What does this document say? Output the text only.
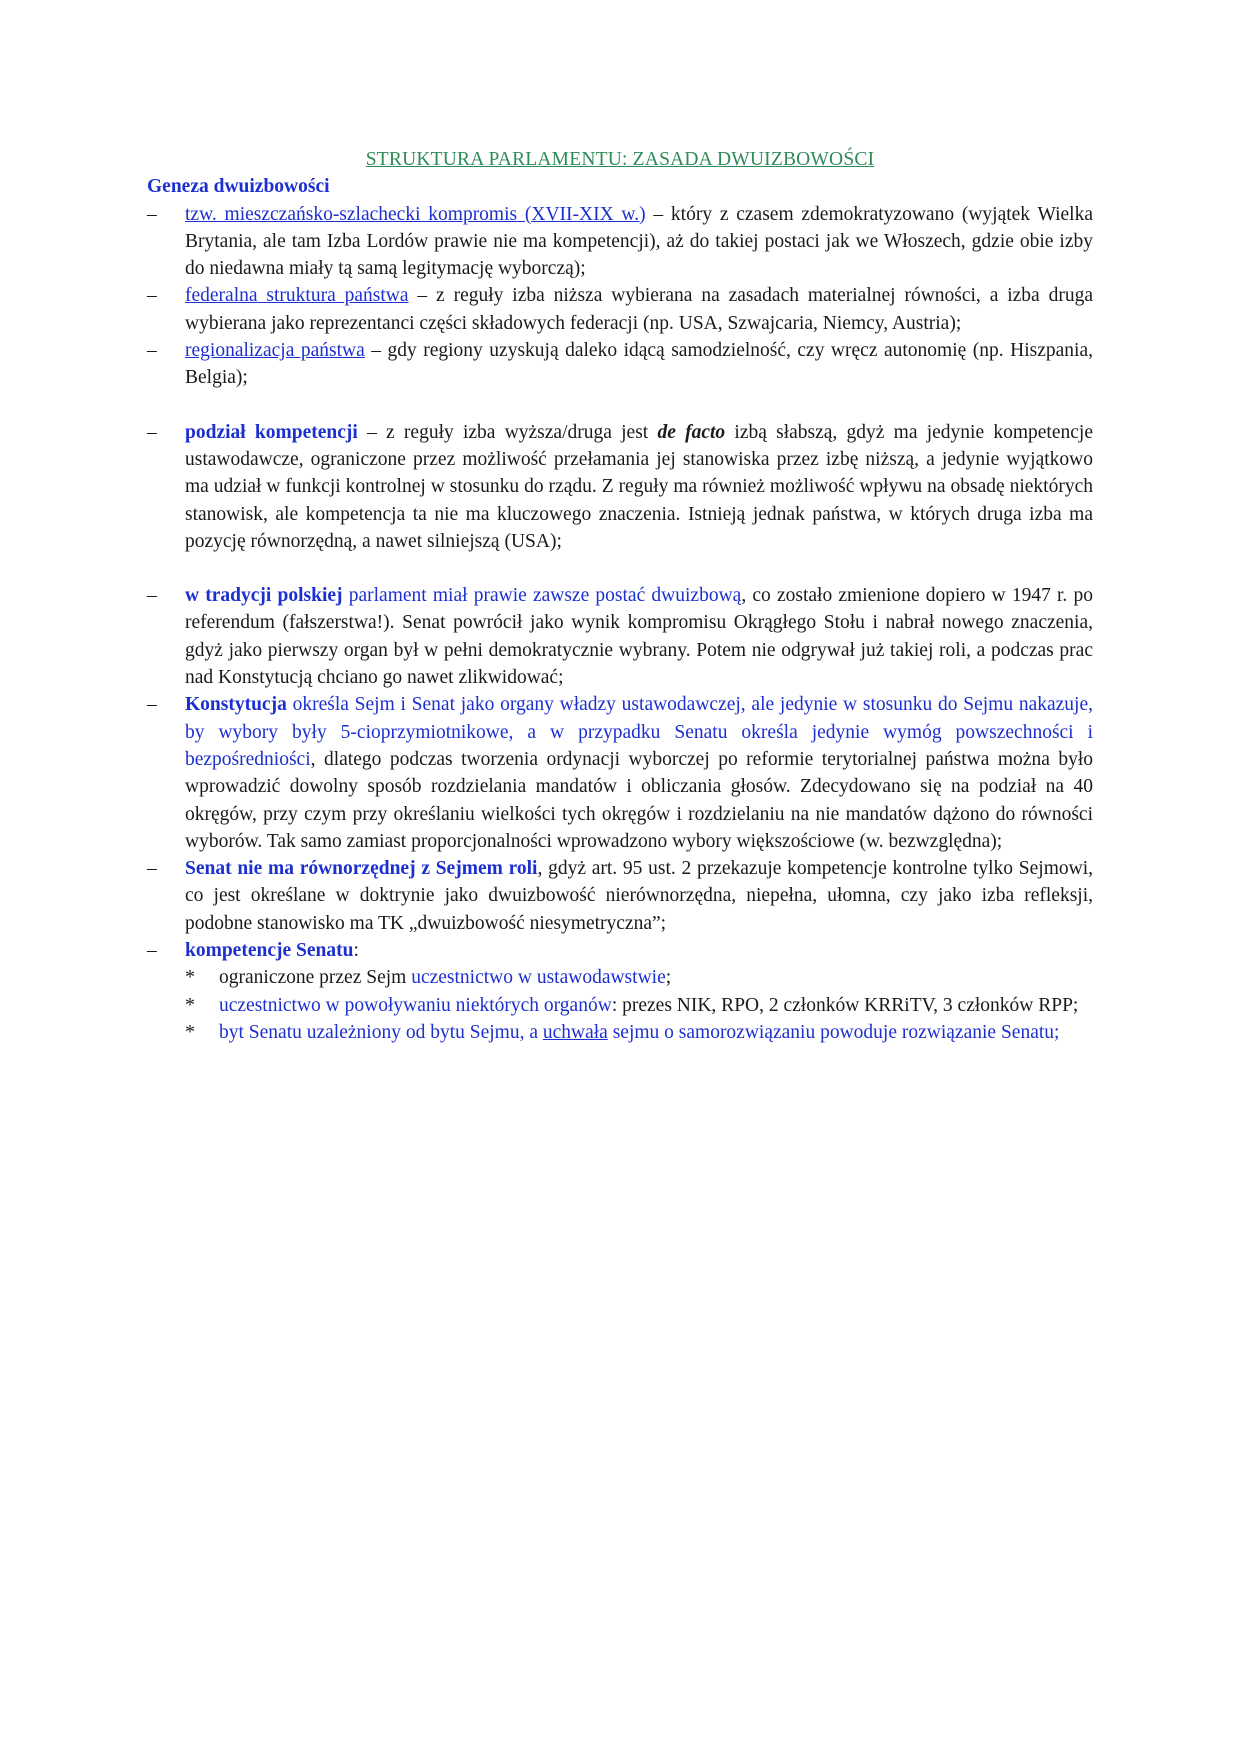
STRUKTURA PARLAMENTU: ZASADA DWUIZBOWOŚCI
Geneza dwuizbowości
–	tzw. mieszczańsko-szlachecki kompromis (XVII-XIX w.) – który z czasem zdemokratyzowano (wyjątek Wielka Brytania, ale tam Izba Lordów prawie nie ma kompetencji), aż do takiej postaci jak we Włoszech, gdzie obie izby do niedawna miały tą samą legitymację wyborczą);
–	federalna struktura państwa – z reguły izba niższa wybierana na zasadach materialnej równości, a izba druga wybierana jako reprezentanci części składowych federacji (np. USA, Szwajcaria, Niemcy, Austria);
–	regionalizacja państwa – gdy regiony uzyskują daleko idącą samodzielność, czy wręcz autonomię (np. Hiszpania, Belgia);
–	podział kompetencji – z reguły izba wyższa/druga jest de facto izbą słabszą, gdyż ma jedynie kompetencje ustawodawcze, ograniczone przez możliwość przełamania jej stanowiska przez izbę niższą, a jedynie wyjątkowo ma udział w funkcji kontrolnej w stosunku do rządu. Z reguły ma również możliwość wpływu na obsadę niektórych stanowisk, ale kompetencja ta nie ma kluczowego znaczenia. Istnieją jednak państwa, w których druga izba ma pozycję równorzędną, a nawet silniejszą (USA);
–	w tradycji polskiej parlament miał prawie zawsze postać dwuizbową, co zostało zmienione dopiero w 1947 r. po referendum (fałszerstwa!). Senat powrócił jako wynik kompromisu Okrągłego Stołu i nabrał nowego znaczenia, gdyż jako pierwszy organ był w pełni demokratycznie wybrany. Potem nie odgrywał już takiej roli, a podczas prac nad Konstytucją chciano go nawet zlikwidować;
–	Konstytucja określa Sejm i Senat jako organy władzy ustawodawczej, ale jedynie w stosunku do Sejmu nakazuje, by wybory były 5-cioprzymiotnikowe, a w przypadku Senatu określa jedynie wymóg powszechności i bezpośredniości, dlatego podczas tworzenia ordynacji wyborczej po reformie terytorialnej państwa można było wprowadzić dowolny sposób rozdzielania mandatów i obliczania głosów. Zdecydowano się na podział na 40 okręgów, przy czym przy określaniu wielkości tych okręgów i rozdzielaniu na nie mandatów dążono do równości wyborów. Tak samo zamiast proporcjonalności wprowadzono wybory większościowe (w. bezwzględna);
–	Senat nie ma równorzędnej z Sejmem roli, gdyż art. 95 ust. 2 przekazuje kompetencje kontrolne tylko Sejmowi, co jest określane w doktrynie jako dwuizbowość nierównorzędna, niepełna, ułomna, czy jako izba refleksji, podobne stanowisko ma TK „dwuizbowość niesymetryczna”;
–	kompetencje Senatu:
* ograniczone przez Sejm uczestnictwo w ustawodawstwie;
* uczestnictwo w powoływaniu niektórych organów: prezes NIK, RPO, 2 członków KRRiTV, 3 członków RPP;
* byt Senatu uzależniony od bytu Sejmu, a uchwała sejmu o samorozwiązaniu powoduje rozwiązanie Senatu;
